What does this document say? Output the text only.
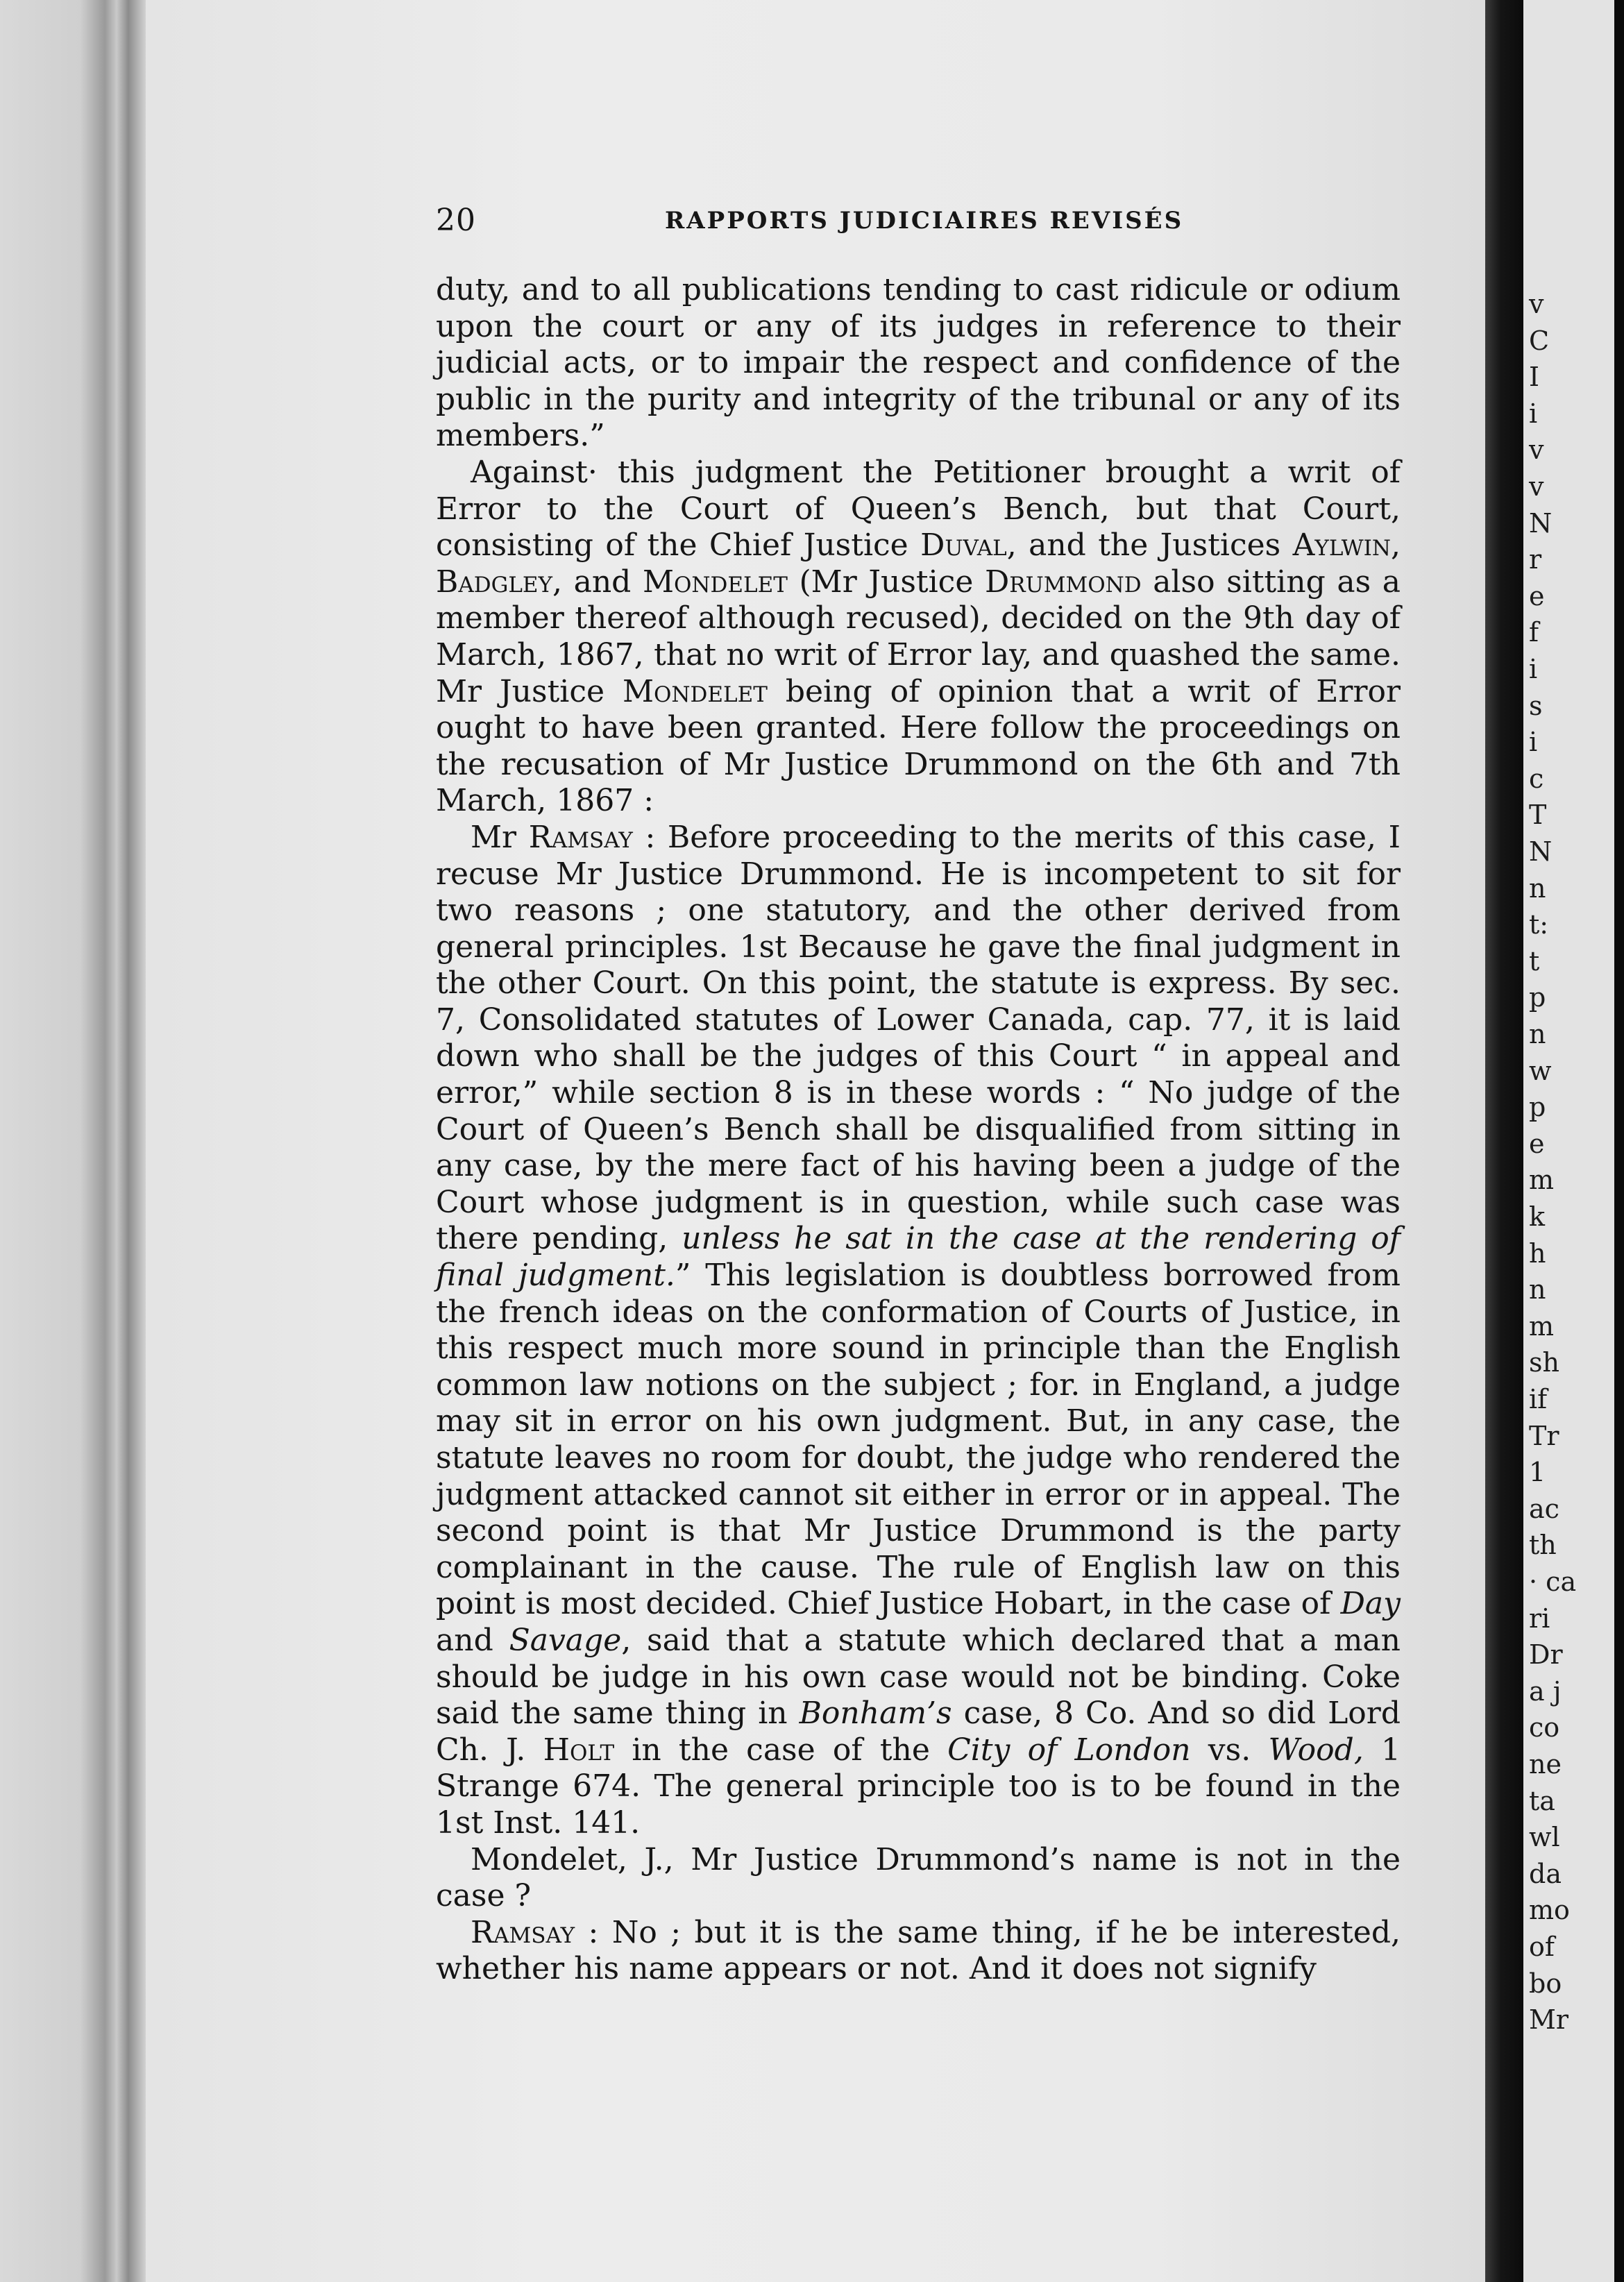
20	RAPPORTS JUDICIAIRES REVISÉS

duty, and to all publications tending to cast ridicule or odium upon the court or any of its judges in reference to their judicial acts, or to impair the respect and confidence of the public in the purity and integrity of the tribunal or any of its members.”

Against· this judgment the Petitioner brought a writ of Error to the Court of Queen’s Bench, but that Court, consisting of the Chief Justice Duval, and the Justices Aylwin, Badgley, and Mondelet (Mr Justice Drummond also sitting as a member thereof although recused), decided on the 9th day of March, 1867, that no writ of Error lay, and quashed the same. Mr Justice Mondelet being of opinion that a writ of Error ought to have been granted. Here follow the proceedings on the recusation of Mr Justice Drummond on the 6th and 7th March, 1867 :

Mr Ramsay : Before proceeding to the merits of this case, I recuse Mr Justice Drummond. He is incompetent to sit for two reasons ; one statutory, and the other derived from general principles. 1st Because he gave the final judgment in the other Court. On this point, the statute is express. By sec. 7, Consolidated statutes of Lower Canada, cap. 77, it is laid down who shall be the judges of this Court “ in appeal and error,” while section 8 is in these words : “ No judge of the Court of Queen’s Bench shall be disqualified from sitting in any case, by the mere fact of his having been a judge of the Court whose judgment is in question, while such case was there pending, unless he sat in the case at the rendering of final judgment.” This legislation is doubtless borrowed from the french ideas on the conformation of Courts of Justice, in this respect much more sound in principle than the English common law notions on the subject ; for. in England, a judge may sit in error on his own judgment. But, in any case, the statute leaves no room for doubt, the judge who rendered the judgment attacked cannot sit either in error or in appeal. The second point is that Mr Justice Drummond is the party complainant in the cause. The rule of English law on this point is most decided. Chief Justice Hobart, in the case of Day and Savage, said that a statute which declared that a man should be judge in his own case would not be binding. Coke said the same thing in Bonham’s case, 8 Co. And so did Lord Ch. J. Holt in the case of the City of London vs. Wood, 1 Strange 674. The general principle too is to be found in the 1st Inst. 141.

Mondelet, J., Mr Justice Drummond’s name is not in the case ?

Ramsay : No ; but it is the same thing, if he be interested, whether his name appears or not. And it does not signify

v
C
I
i
v
v
N
r
e
f
i
s
i
c
T
N
n
t:
t
p
n
w
p
e
m
k
h
n
m
sh
if
Tr
1
ac
th
· ca
ri
Dr
a j
co
ne
ta
wl
da
mo
of
bo
Mr
